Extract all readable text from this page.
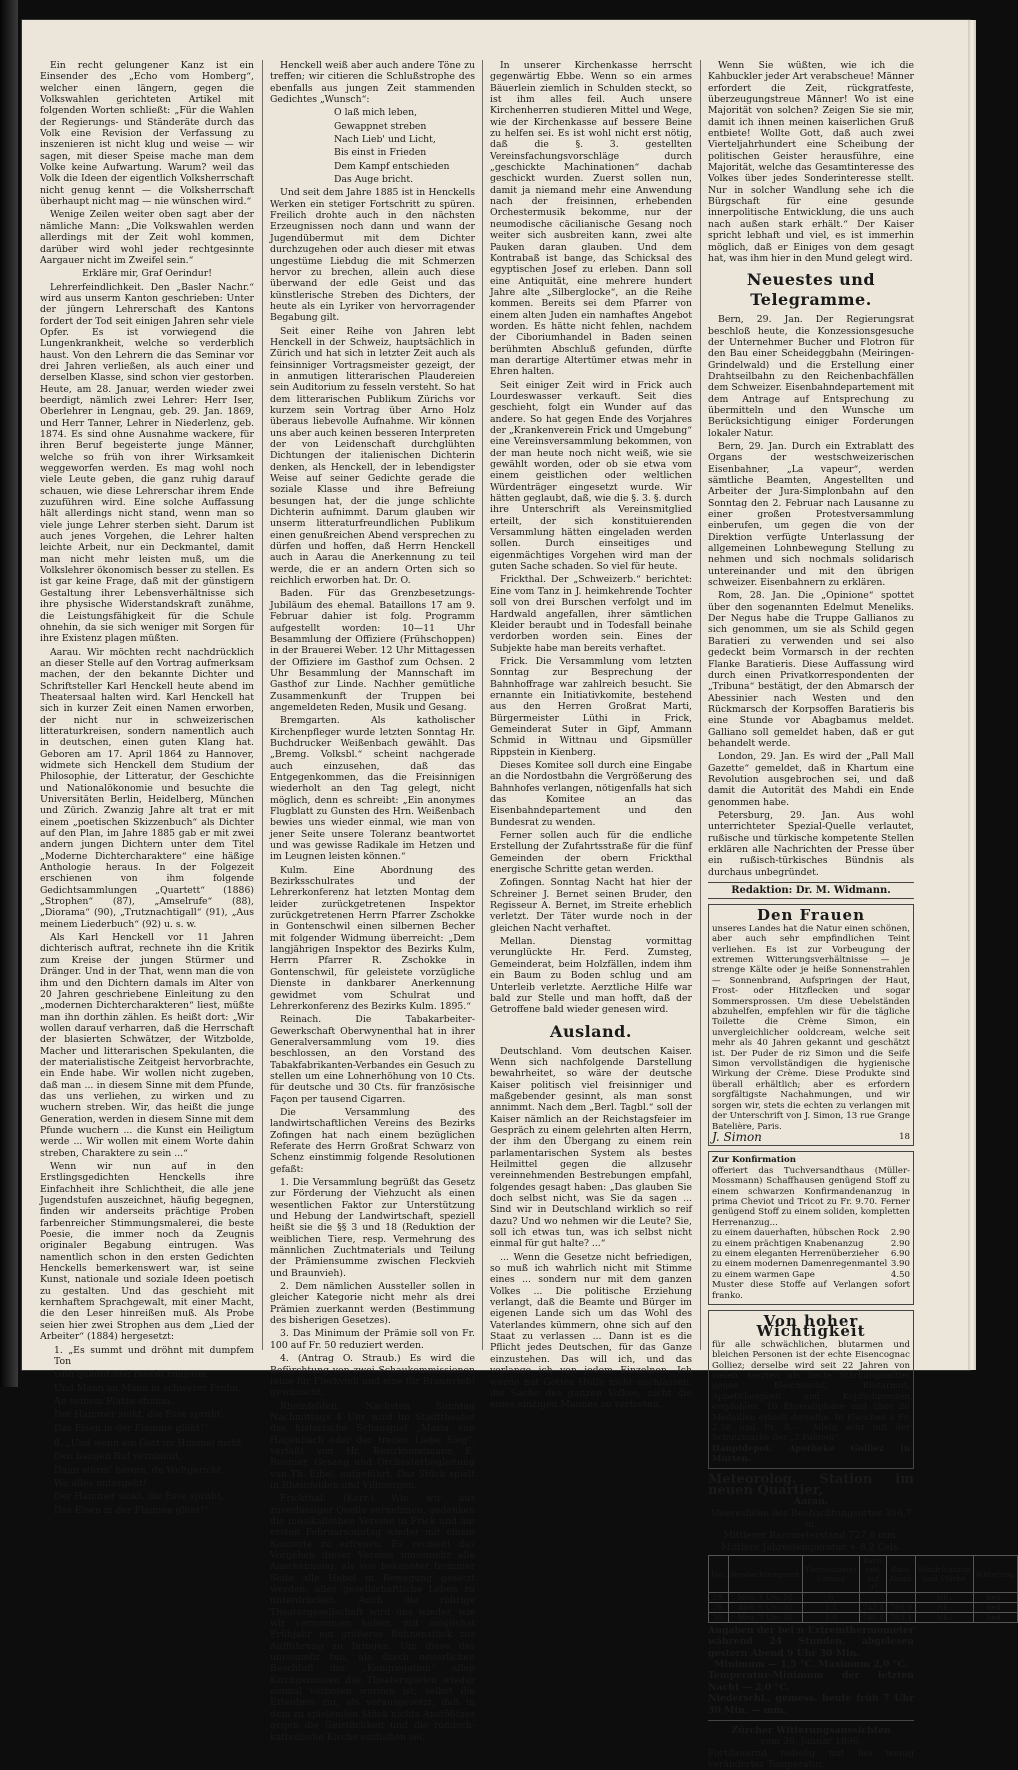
Ein recht gelungener Kanz ist ein Einsender des „Echo vom Homberg“, welcher einen längern, gegen die Volkswahlen gerichteten Artikel mit folgenden Worten schließt: „Für die Wahlen der Regierungs- und Ständeräte durch das Volk eine Revision der Verfassung zu inszenieren ist nicht klug und weise — wir sagen, mit dieser Speise mache man dem Volke keine Aufwartung. Warum? weil das Volk die Ideen der eigentlich Volksherrschaft nicht genug kennt — die Volksherrschaft überhaupt nicht mag — nie wünschen wird.“

Wenige Zeilen weiter oben sagt aber der nämliche Mann: „Die Volkswahlen werden allerdings mit der Zeit wohl kommen, darüber wird wohl jeder rechtgesinnte Aargauer nicht im Zweifel sein.“

Erkläre mir, Graf Oerindur!

Lehrerfeindlichkeit. Den „Basler Nachr.“ wird aus unserm Kanton geschrieben: Unter der jüngern Lehrerschaft des Kantons fordert der Tod seit einigen Jahren sehr viele Opfer. Es ist vorwiegend die Lungenkrankheit, welche so verderblich haust. Von den Lehrern die das Seminar vor drei Jahren verließen, als auch einer und derselben Klasse, sind schon vier gestorben. Heute, am 28. Januar, werden wieder zwei beerdigt, nämlich zwei Lehrer: Herr Iser, Oberlehrer in Lengnau, geb. 29. Jan. 1869, und Herr Tanner, Lehrer in Niederlenz, geb. 1874. Es sind ohne Ausnahme wackere, für ihren Beruf begeisterte junge Männer, welche so früh von ihrer Wirksamkeit weggeworfen werden. Es mag wohl noch viele Leute geben, die ganz ruhig darauf schauen, wie diese Lehrerschar ihrem Ende zuzuführen wird. Eine solche Auffassung hält allerdings nicht stand, wenn man so viele junge Lehrer sterben sieht. Darum ist auch jenes Vorgehen, die Lehrer halten leichte Arbeit, nur ein Deckmantel, damit man nicht mehr leisten muß, um die Volkslehrer ökonomisch besser zu stellen. Es ist gar keine Frage, daß mit der günstigern Gestaltung ihrer Lebensverhältnisse sich ihre physische Widerstandskraft zunähme, die Leistungsfähigkeit für die Schule ohnehin, da sie sich weniger mit Sorgen für ihre Existenz plagen müßten.

Aarau. Wir möchten recht nachdrücklich an dieser Stelle auf den Vortrag aufmerksam machen, der den bekannte Dichter und Schriftsteller Karl Henckell heute abend im Theatersaal halten wird. Karl Henckell hat sich in kurzer Zeit einen Namen erworben, der nicht nur in schweizerischen litteraturkreisen, sondern namentlich auch in deutschen, einen guten Klang hat. Geboren am 17. April 1864 zu Hannover, widmete sich Henckell dem Studium der Philosophie, der Litteratur, der Geschichte und Nationalökonomie und besuchte die Universitäten Berlin, Heidelberg, München und Zürich. Zwanzig Jahre alt trat er mit einem „poetischen Skizzenbuch“ als Dichter auf den Plan, im Jahre 1885 gab er mit zwei andern jungen Dichtern unter dem Titel „Moderne Dichtercharaktere“ eine häßige Anthologie heraus. In der Folgezeit erschienen von ihm folgende Gedichtsammlungen „Quartett“ (1886) „Strophen“ (87), „Amselrufe“ (88), „Diorama“ (90), „Trutznachtigall“ (91), „Aus meinem Liederbuch“ (92) u. s. w.

Als Karl Henckell vor 11 Jahren dichterisch auftrat, rechnete ihn die Kritik zum Kreise der jungen Stürmer und Dränger. Und in der That, wenn man die von ihm und den Dichtern damals im Alter von 20 Jahren geschriebene Einleitung zu den „modernen Dichtercharakteren“ liest, müßte man ihn dorthin zählen. Es heißt dort: „Wir wollen darauf verharren, daß die Herrschaft der blasierten Schwätzer, der Witzbolde, Macher und litterarischen Spekulanten, die der materialistische Zeitgeist hervorbrachte, ein Ende habe. Wir wollen nicht zugeben, daß man ... in diesem Sinne mit dem Pfunde, das uns verliehen, zu wirken und zu wuchern streben. Wir, das heißt die junge Generation, werden in diesem Sinne mit dem Pfunde wuchern ... die Kunst ein Heiligtum werde ... Wir wollen mit einem Worte dahin streben, Charaktere zu sein ...“

Wenn wir nun auf in den Erstlingsgedichten Henckells ihre Einfachheit ihre Schlichtheit, die alle jene Jugendstufen auszeichnet, häufig begegnen, finden wir anderseits prächtige Proben farbenreicher Stimmungsmalerei, die beste Poesie, die immer noch da Zeugnis originaler Begabung eintrugen. Was namentlich schon in den ersten Gedichten Henckells bemerkenswert war, ist seine Kunst, nationale und soziale Ideen poetisch zu gestalten. Und das geschieht mit kernhaftem Sprachgewalt, mit einer Macht, die den Leser hinreißen muß. Als Probe seien hier zwei Strophen aus dem „Lied der Arbeiter“ (1884) hergesetzt:

1. „Es summt und dröhnt mit dumpfem Ton

Und qualmt und raucht ringsum,

Und Mann an Mann in schwerer Frohn

An seinem Platze stumm.

Der Hammer sinkt, die Esse sprüht,

Das Eisen in der Flamme glüht!“

8. „Und wenn ein Gott im Himmel nicht

Den bangen Ruf vernimmt,

Dann stürm' herein, du Weltgericht,

Wo alles untergeht!

Der Hammer sinkt, die Esse sprüht,

Das Eisen in der Flamme glüht!“

Henckell weiß aber auch andere Töne zu treffen; wir citieren die Schlußstrophe des ebenfalls aus jungen Zeit stammenden Gedichtes „Wunsch“:

O laß mich leben,

Gewappnet streben

Nach Lieb' und Licht,

Bis einst in Frieden

Dem Kampf entschieden

Das Auge bricht.

Und seit dem Jahre 1885 ist in Henckells Werken ein stetiger Fortschritt zu spüren. Freilich drohte auch in den nächsten Erzeugnissen noch dann und wann der Jugendübermut mit dem Dichter durchzugehen oder auch dieser mit etwas ungestüme Liebdug die mit Schmerzen hervor zu brechen, allein auch diese überwand der edle Geist und das künstlerische Streben des Dichters, der heute als ein Lyriker von hervorragender Begabung gilt.

Seit einer Reihe von Jahren lebt Henckell in der Schweiz, hauptsächlich in Zürich und hat sich in letzter Zeit auch als feinsinniger Vortragsmeister gezeigt, der in anmutigen litterarischen Plaudereien sein Auditorium zu fesseln versteht. So hat dem litterarischen Publikum Zürichs vor kurzem sein Vortrag über Arno Holz überaus liebevolle Aufnahme. Wir können uns aber auch keinen besseren Interpreten der von Leidenschaft durchglühten Dichtungen der italienischen Dichterin denken, als Henckell, der in lebendigster Weise auf seiner Gedichte gerade die soziale Klasse und ihre Befreiung besungen hat, der die junge schlichte Dichterin aufnimmt. Darum glauben wir unserm litteraturfreundlichen Publikum einen genußreichen Abend versprechen zu dürfen und hoffen, daß Herrn Henckell auch in Aarau die Anerkennung zu teil werde, die er an andern Orten sich so reichlich erworben hat. Dr. O.

Baden. Für das Grenzbesetzungs-Jubiläum des ehemal. Bataillons 17 am 9. Februar dahier ist folg. Programm aufgestellt worden: 10—11 Uhr Besammlung der Offiziere (Frühschoppen) in der Brauerei Weber. 12 Uhr Mittagessen der Offiziere im Gasthof zum Ochsen. 2 Uhr Besammlung der Mannschaft im Gasthof zur Linde. Nachher gemütliche Zusammenkunft der Truppen bei angemeldeten Reden, Musik und Gesang.

Bremgarten. Als katholischer Kirchenpfleger wurde letzten Sonntag Hr. Buchdrucker Weißenbach gewählt. Das „Bremg. Volksbl.“ scheint nachgerade auch einzusehen, daß das Entgegenkommen, das die Freisinnigen wiederholt an den Tag gelegt, nicht möglich, denn es schreibt: „Ein anonymes Flugblatt zu Gunsten des Hrn. Weißenbach bewies uns wieder einmal, wie man von jener Seite unsere Toleranz beantwortet und was gewisse Radikale im Hetzen und im Leugnen leisten können.“

Kulm. Eine Abordnung des Bezirksschulrates und der Lehrerkonferenz hat letzten Montag dem leider zurückgetretenen Inspektor zurückgetretenen Herrn Pfarrer Zschokke in Gontenschwil einen silbernen Becher mit folgender Widmung überreicht: „Dem langjährigen Inspektor des Bezirks Kulm, Herrn Pfarrer R. Zschokke in Gontenschwil, für geleistete vorzügliche Dienste in dankbarer Anerkennung gewidmet vom Schulrat und Lehrerkonferenz des Bezirks Kulm. 1895.“

Reinach. Die Tabakarbeiter-Gewerkschaft Oberwynenthal hat in ihrer Generalversammlung vom 19. dies beschlossen, an den Vorstand des Tabakfabrikanten-Verbandes ein Gesuch zu stellen um eine Lohnerhöhung von 10 Cts. für deutsche und 30 Cts. für französische Façon per tausend Cigarren.

Die Versammlung des landwirtschaftlichen Vereins des Bezirks Zofingen hat nach einem bezüglichen Referate des Herrn Großrat Schwarz von Schenz einstimmig folgende Resolutionen gefaßt:

1. Die Versammlung begrüßt das Gesetz zur Förderung der Viehzucht als einen wesentlichen Faktor zur Unterstützung und Hebung der Landwirtschaft, speziell heißt sie die §§ 3 und 18 (Reduktion der weiblichen Tiere, resp. Vermehrung des männlichen Zuchtmaterials und Teilung der Prämiensumme zwischen Fleckvieh und Braunvieh).

2. Dem nämlichen Aussteller sollen in gleicher Kategorie nicht mehr als drei Prämien zuerkannt werden (Bestimmung des bisherigen Gesetzes).

3. Das Minimum der Prämie soll von Fr. 100 auf Fr. 50 reduziert werden.

4. (Antrag O. Straub.) Es wird die Befürchtung von zwei Schaukommissionen (eine für Fleckvieh und eine für Braunvieh) gewünscht.

Rheinfelden. Nächsten Sonntag Nachmittags 4 Uhr wird im Stadttheater das historische Schauspiel „Maria von Hagenbach oder der treuen Liebe Sieg“, verfaßt von Hr. Bezirksamtmann E. Baumer, Gesang und Orchesterbegleitung von Th. Eibel, aufgeführt. Das Stück spielt in Rheinfelden und Villmergen.

Frickthal. (Korr.) Wie wir aus zuverlässiger Quelle vernehmen, gedenken die musikalischen Vereine in Frick und am ersten Februarsonntag wieder mit einem Konzerte zu erfreuen. Es verdient das Vorgehen dieser Vereine umsomehr alle Anerkennung, als von bekannter frommer Seite alle Hebel in Bewegung gesetzt werden, alles gesellschaftliche Leben zu unterdrücken. Auch die rührige Theatergesellschaft wird uns wieder, wie wir vernommen haben, mit möglichst Frühjahr ein größeres Bühnenstück zur Aufführung zu bringen. Um diese das umsomehr tun, als durch neuerlichen Beschluß der „Kongregation“ allen Kirchgenossen das Theaterspielen wieder einmal verboten worden ist; selbst die Erlaubnis zur, als vorausgesetzt, daß in dem zu spielenden Stück nichts Anstößiges gegen die Geistlichkeit und die römisch-katholische Kirche enthalten sei.

In unserer Kirchenkasse herrscht gegenwärtig Ebbe. Wenn so ein armes Bäuerlein ziemlich in Schulden steckt, so ist ihm alles feil. Auch unsere Kirchenherren studieren Mittel und Wege, wie der Kirchenkasse auf bessere Beine zu helfen sei. Es ist wohl nicht erst nötig, daß die §. 3. gestellten Vereinsfachungsvorschläge durch „geschickte Machinationen“ dachab geschickt wurden. Zuerst sollen nun, damit ja niemand mehr eine Anwendung nach der freisinnen, erhebenden Orchestermusik bekomme, nur der neumodische cäcilianische Gesang noch weiter sich ausbreiten kann, zwei alte Pauken daran glauben. Und dem Kontrabaß ist bange, das Schicksal des egyptischen Josef zu erleben. Dann soll eine Antiquität, eine mehrere hundert Jahre alte „Silberglocke“, an die Reihe kommen. Bereits sei dem Pfarrer von einem alten Juden ein namhaftes Angebot worden. Es hätte nicht fehlen, nachdem der Ciboriumhandel in Baden seinen berühmten Abschluß gefunden, dürfte man derartige Altertümer etwas mehr in Ehren halten.

Seit einiger Zeit wird in Frick auch Lourdeswasser verkauft. Seit dies geschieht, folgt ein Wunder auf das andere. So hat gegen Ende des Vorjahres der „Krankenverein Frick und Umgebung“ eine Vereinsversammlung bekommen, von der man heute noch nicht weiß, wie sie gewählt worden, oder ob sie etwa vom einem geistlichen oder weltlichen Würdenträger eingesetzt wurde. Wir hätten geglaubt, daß, wie die §. 3. §. durch ihre Unterschrift als Vereinsmitglied erteilt, der sich konstituierenden Versammlung hätten eingeladen werden sollen. Durch einseitiges und eigenmächtiges Vorgehen wird man der guten Sache schaden. So viel für heute.

Frickthal. Der „Schweizerb.“ berichtet: Eine vom Tanz in J. heimkehrende Tochter soll von drei Burschen verfolgt und im Hardwald angefallen, ihrer sämtlichen Kleider beraubt und in Todesfall beinahe verdorben worden sein. Eines der Subjekte habe man bereits verhaftet.

Frick. Die Versammlung vom letzten Sonntag zur Besprechung der Bahnhoffrage war zahlreich besucht. Sie ernannte ein Initiativkomite, bestehend aus den Herren Großrat Marti, Bürgermeister Lüthi in Frick, Gemeinderat Suter in Gipf, Ammann Schmid in Wittnau und Gipsmüller Rippstein in Kienberg.

Dieses Komitee soll durch eine Eingabe an die Nordostbahn die Vergrößerung des Bahnhofes verlangen, nötigenfalls hat sich das Komitee an das Eisenbahndepartement und den Bundesrat zu wenden.

Ferner sollen auch für die endliche Erstellung der Zufahrtsstraße für die fünf Gemeinden der obern Frickthal energische Schritte getan werden.

Zofingen. Sonntag Nacht hat hier der Schreiner J. Bernet seinen Bruder, den Regisseur A. Bernet, im Streite erheblich verletzt. Der Täter wurde noch in der gleichen Nacht verhaftet.

Mellan. Dienstag vormittag verunglückte Hr. Ferd. Zumsteg, Gemeinderat, beim Holzfällen, indem ihm ein Baum zu Boden schlug und am Unterleib verletzte. Aerztliche Hilfe war bald zur Stelle und man hofft, daß der Getroffene bald wieder genesen wird.

Ausland.

Deutschland. Vom deutschen Kaiser. Wenn sich nachfolgende Darstellung bewahrheitet, so wäre der deutsche Kaiser politisch viel freisinniger und maßgebender gesinnt, als man sonst annimmt. Nach dem „Berl. Tagbl.“ soll der Kaiser nämlich an der Reichstagsfeier im Gespräch zu einem gelehrten alten Herrn, der ihm den Übergang zu einem rein parlamentarischen System als bestes Heilmittel gegen die allzusehr vereinnehmenden Bestrebungen empfahl, folgendes gesagt haben: „Das glauben Sie doch selbst nicht, was Sie da sagen ... Sind wir in Deutschland wirklich so reif dazu? Und wo nehmen wir die Leute? Sie, soll ich etwas tun, was ich selbst nicht einmal für gut halte? ...“

... Wenn die Gesetze nicht befriedigen, so muß ich wahrlich nicht mit Stimme eines ... sondern nur mit dem ganzen Volkes ... Die politische Erziehung verlangt, daß die Beamte und Bürger im eigenen Lande sich um das Wohl des Vaterlandes kümmern, ohne sich auf den Staat zu verlassen ... Dann ist es die Pflicht jedes Deutschen, für das Ganze einzustehen. Das will ich, und das verlange ich von jedem Einzelnen. Ich werde mit Gottes Hülfe nicht nachlassen, die Sache des ganzen Volkes, nicht die eines einzigen Mannes zu vertreten.

Wenn Sie wüßten, wie ich die Kahbuckler jeder Art verabscheue! Männer erfordert die Zeit, rückgratfeste, überzeugungstreue Männer! Wo ist eine Majorität von solchen? Zeigen Sie sie mir, damit ich ihnen meinen kaiserlichen Gruß entbiete! Wollte Gott, daß auch zwei Vierteljahrhundert eine Scheibung der politischen Geister herausführe, eine Majorität, welche das Gesamtinteresse des Volkes über jedes Sonderinteresse stellt. Nur in solcher Wandlung sehe ich die Bürgschaft für eine gesunde innerpolitische Entwicklung, die uns auch nach außen stark erhält.“ Der Kaiser spricht lebhaft und viel, es ist immerhin möglich, daß er Einiges von dem gesagt hat, was ihm hier in den Mund gelegt wird.

Neuestes und Telegramme.

Bern, 29. Jan. Der Regierungsrat beschloß heute, die Konzessionsgesuche der Unternehmer Bucher und Flotron für den Bau einer Scheideggbahn (Meiringen-Grindelwald) und die Erstellung einer Drahtseilbahn zu den Reichenbachfällen dem Schweizer. Eisenbahndepartement mit dem Antrage auf Entsprechung zu übermitteln und den Wunsche um Berücksichtigung einiger Forderungen lokaler Natur.

Bern, 29. Jan. Durch ein Extrablatt des Organs der westschweizerischen Eisenbahner, „La vapeur“, werden sämtliche Beamten, Angestellten und Arbeiter der Jura-Simplonbahn auf den Sonntag den 2. Februar nach Lausanne zu einer großen Protestversammlung einberufen, um gegen die von der Direktion verfügte Unterlassung der allgemeinen Lohnbewegung Stellung zu nehmen und sich nochmals solidarisch untereinander und mit den übrigen schweizer. Eisenbahnern zu erklären.

Rom, 28. Jan. Die „Opinione“ spottet über den sogenannten Edelmut Meneliks. Der Negus habe die Truppe Gallianos zu sich genommen, um sie als Schild gegen Baratieri zu verwenden und sei also gedeckt beim Vormarsch in der rechten Flanke Baratieris. Diese Auffassung wird durch einen Privatkorrespondenten der „Tribuna“ bestätigt, der den Abmarsch der Abessinier nach Westen und den Rückmarsch der Korpsoffen Baratieris bis eine Stunde vor Abagbamus meldet. Galliano soll gemeldet haben, daß er gut behandelt werde.

London, 29. Jan. Es wird der „Pall Mall Gazette“ gemeldet, daß in Khartum eine Revolution ausgebrochen sei, und daß damit die Autorität des Mahdi ein Ende genommen habe.

Petersburg, 29. Jan. Aus wohl unterrichteter Spezial-Quelle verlautet, rußische und türkische kompetente Stellen erklären alle Nachrichten der Presse über ein rußisch-türkisches Bündnis als durchaus unbegründet.

Redaktion: Dr. M. Widmann.
Den Frauen
unseres Landes hat die Natur einen schönen, aber auch sehr empfindlichen Teint verliehen. Es ist zur Vorbeugung der extremen Witterungsverhältnisse — je strenge Kälte oder je heiße Sonnenstrahlen — Sonnenbrand, Aufspringen der Haut, Frost- oder Hitzflecken und sogar Sommersprossen. Um diese Uebelständen abzuhelfen, empfehlen wir für die tägliche Toilette die Crème Simon, ein unvergleichlicher ooldcream, welche seit mehr als 40 Jahren gekannt und geschätzt ist. Der Puder de riz Simon und die Seife Simon vervollständigen die hygienische Wirkung der Crème. Diese Produkte sind überall erhältlich; aber es erfordern sorgfältigste Nachahmungen, und wir sorgen wir, stets die echten zu verlangen mit der Unterschrift von J. Simon, 13 rue Grange Batelière, Paris.
J. Simon	18
Zur Konfirmation
offeriert das Tuchversandthaus (Müller-Mossmann) Schaffhausen genügend Stoff zu einem schwarzen Konfirmandenanzug in prima Cheviot und Tricot zu Fr. 9.70. Ferner genügend Stoff zu einem soliden, kompletten Herrenanzug...
zu einem dauerhaften, hübschen Rock 2.90
zu einem prächtigen Knabenanzug	2.90
zu einem eleganten Herrenüberzieher 6.90
zu einem modernen Damenregenmantel 3.90
zu einem warmen Gape	4.50
Muster diese Stoffe auf Verlangen sofort franko.
Von hoher Wichtigkeit
für alle schwächlichen, blutarmen und bleichen Personen ist der echte Eisencognac Golliez; derselbe wird seit 22 Jahren von vielen Aerzten als beste Stärkungsmittel gegen Bleichsucht, Blutarmut, Appetitlosigkeit und Kopfschmerzen empfohlen. 10 Ehrendiplome und über 20 Medaillen erhielt derselbe. In Flaschen à Fr. 2.50 und Fr. 5.—. Allein echt mit der Schutzmarke der „2 Palmen“.
Hauptdepot: Apotheke Golliez in Murten.
Meteorolog. Station im neuen Quartier,
Aarau.
Meereshöhe des Beobachtungsortes 396,7 m.
Mittlerer Barometerstand 727,8 mm.
Mittlere Jahrestemperatur + 8,2 Cels.
Jan.	Beobachtungszeit	Thermometer Celsius	Baro. red. auf 0°	Baro. Absol.	Windrichtung und Stärke	Witterung
29.	Mitt. 1 Uhr 50	0			NE₁	bed.
29.	Abd. 9 Uhr 30	1,5	743,8	780,9	NE₁	bed.
30.	Mrg. 7 Uhr 30	1,0	746,8	783,1	NE₁	bed.
Angaben der bei n Extremthermometer während 24 Stunden, abgelesen gestern Abend 9 Uhr 30 Min.
Minimum — 1,5 °C. Maximum 2,0 °C.
Temperatur-Minimum der letzten Nacht — 2,0 °C.
Niederschl., gemess. heute früh 7 Uhr 30 Min. — mm.
Zürcher Witterungsaussichten
vom 30. Januar 1896.
Fortdauernd nebelig mit bei wenig veränderter Temperatur.
